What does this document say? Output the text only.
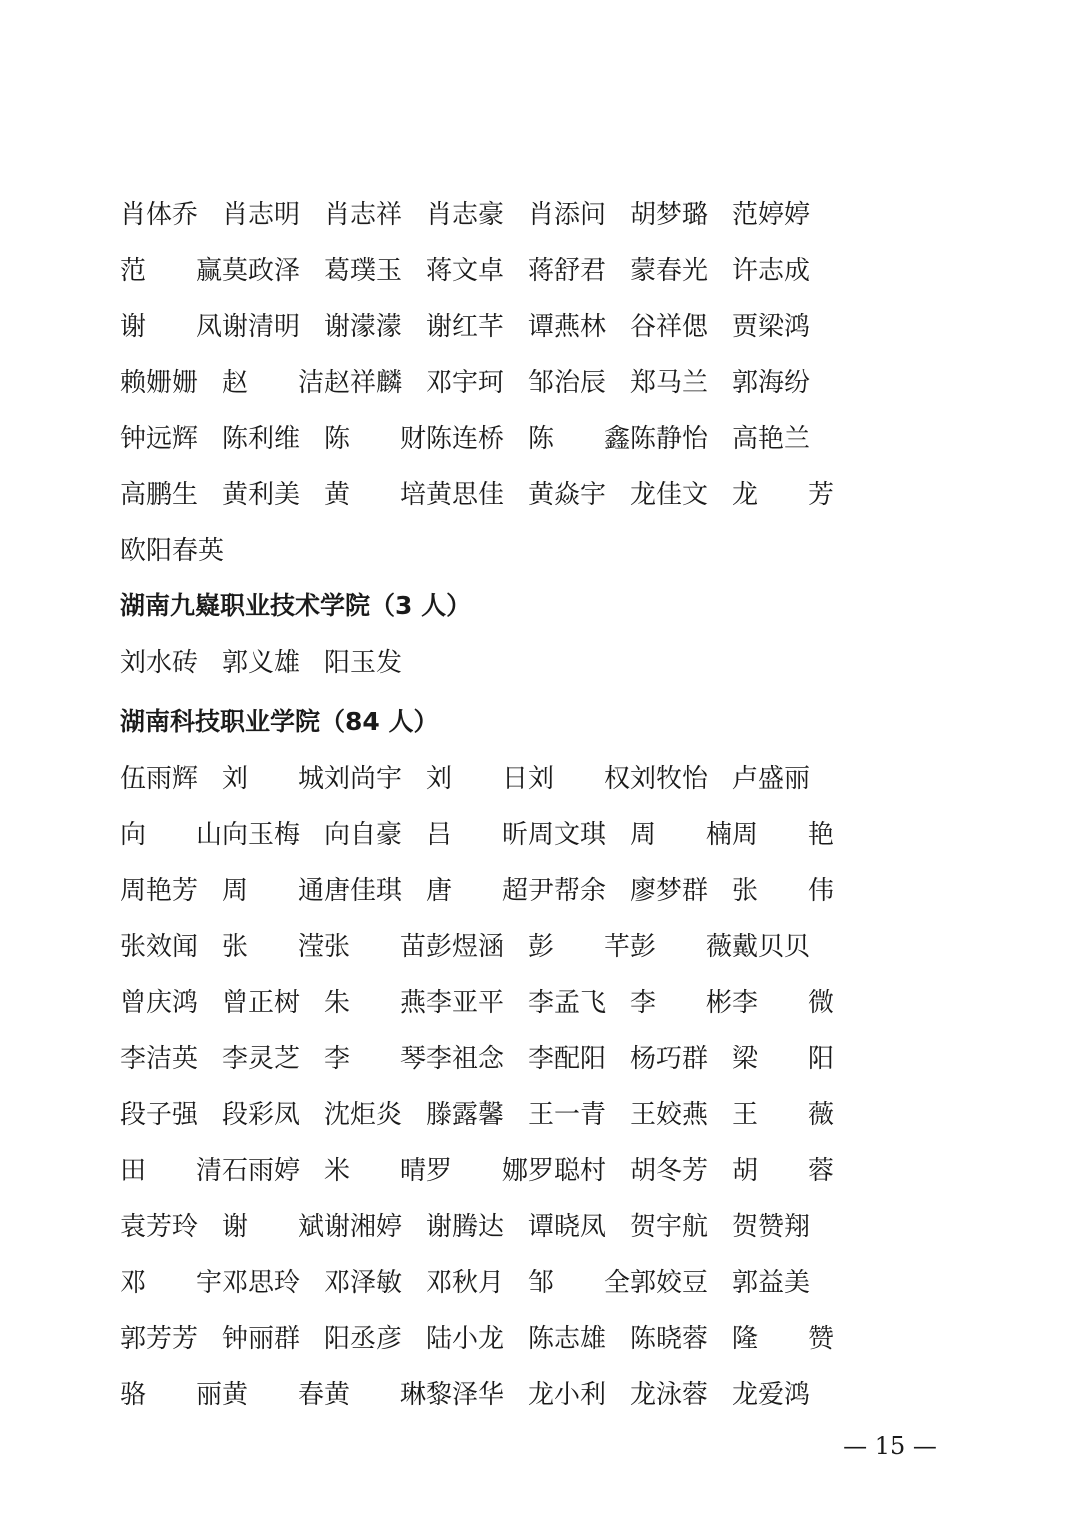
肖体乔 肖志明 肖志祥 肖志豪 肖添问 胡梦璐 范婷婷
范 赢 莫政泽 葛璞玉 蒋文卓 蒋舒君 蒙春光 许志成
谢 凤 谢清明 谢濛濛 谢红芊 谭燕林 谷祥偲 贾梁鸿
赖姗姗 赵 洁 赵祥麟 邓宇珂 邹治辰 郑马兰 郭海纷
钟远辉 陈利维 陈 财 陈连桥 陈 鑫 陈静怡 高艳兰
高鹏生 黄利美 黄 培 黄思佳 黄焱宇 龙佳文 龙 芳
欧阳春英
湖南九嶷职业技术学院（3 人）
刘水砖 郭义雄 阳玉发
湖南科技职业学院（84 人）
伍雨辉 刘 城 刘尚宇 刘 日 刘 权 刘牧怡 卢盛丽
向 山 向玉梅 向自豪 吕 昕 周文琪 周 楠 周 艳
周艳芳 周 通 唐佳琪 唐 超 尹帮余 廖梦群 张 伟
张效闻 张 滢 张 苗 彭煜涵 彭 芊 彭 薇 戴贝贝
曾庆鸿 曾正树 朱 燕 李亚平 李孟飞 李 彬 李 微
李洁英 李灵芝 李 琴 李祖念 李配阳 杨巧群 梁 阳
段子强 段彩凤 沈炬炎 滕露馨 王一青 王姣燕 王 薇
田 清 石雨婷 米 晴 罗 娜 罗聪村 胡冬芳 胡 蓉
袁芳玲 谢 斌 谢湘婷 谢腾达 谭晓凤 贺宇航 贺赞翔
邓 宇 邓思玲 邓泽敏 邓秋月 邹 全 郭姣豆 郭益美
郭芳芳 钟丽群 阳丞彦 陆小龙 陈志雄 陈晓蓉 隆 赞
骆 丽 黄 春 黄 琳 黎泽华 龙小利 龙泳蓉 龙爱鸿
— 15 —
